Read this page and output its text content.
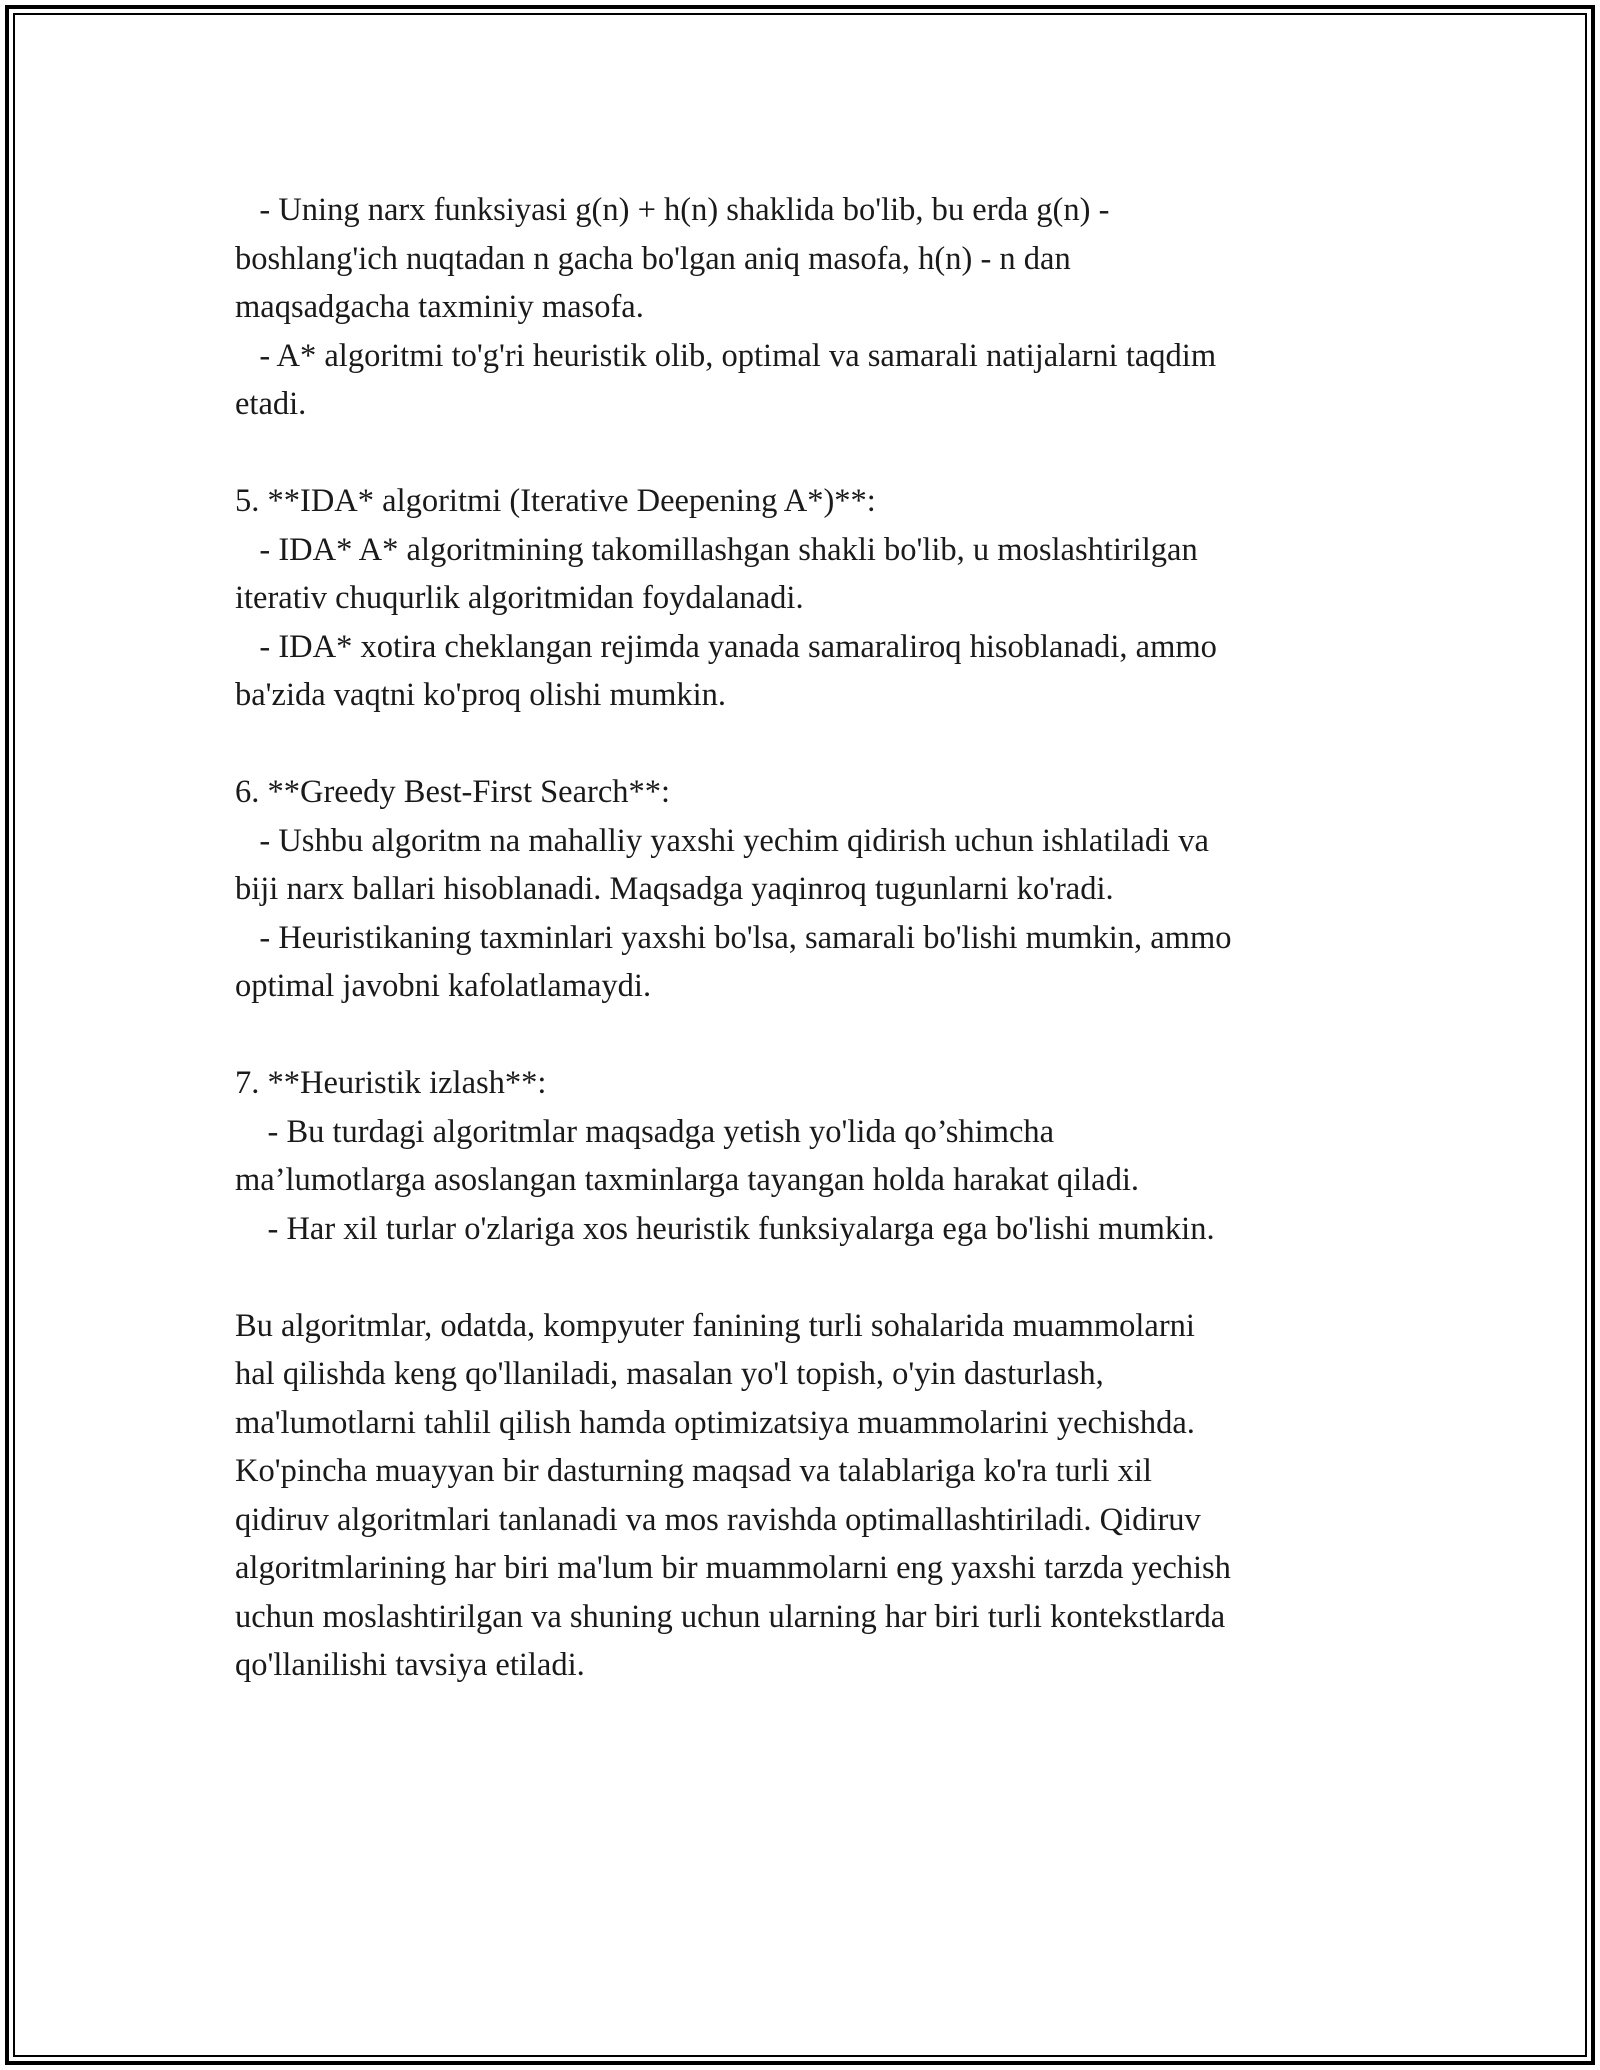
- Uning narx funksiyasi g(n) + h(n) shaklida bo'lib, bu erda g(n) -
boshlang'ich nuqtadan n gacha bo'lgan aniq masofa, h(n) - n dan
maqsadgacha taxminiy masofa.
- A* algoritmi to'g'ri heuristik olib, optimal va samarali natijalarni taqdim
etadi.
5. **IDA* algoritmi (Iterative Deepening A*)**:
- IDA* A* algoritmining takomillashgan shakli bo'lib, u moslashtirilgan
iterativ chuqurlik algoritmidan foydalanadi.
- IDA* xotira cheklangan rejimda yanada samaraliroq hisoblanadi, ammo
ba'zida vaqtni ko'proq olishi mumkin.
6. **Greedy Best-First Search**:
- Ushbu algoritm na mahalliy yaxshi yechim qidirish uchun ishlatiladi va
biji narx ballari hisoblanadi. Maqsadga yaqinroq tugunlarni ko'radi.
- Heuristikaning taxminlari yaxshi bo'lsa, samarali bo'lishi mumkin, ammo
optimal javobni kafolatlamaydi.
7. **Heuristik izlash**:
- Bu turdagi algoritmlar maqsadga yetish yo'lida qo’shimcha
ma’lumotlarga asoslangan taxminlarga tayangan holda harakat qiladi.
- Har xil turlar o'zlariga xos heuristik funksiyalarga ega bo'lishi mumkin.
Bu algoritmlar, odatda, kompyuter fanining turli sohalarida muammolarni
hal qilishda keng qo'llaniladi, masalan yo'l topish, o'yin dasturlash,
ma'lumotlarni tahlil qilish hamda optimizatsiya muammolarini yechishda.
Ko'pincha muayyan bir dasturning maqsad va talablariga ko'ra turli xil
qidiruv algoritmlari tanlanadi va mos ravishda optimallashtiriladi. Qidiruv
algoritmlarining har biri ma'lum bir muammolarni eng yaxshi tarzda yechish
uchun moslashtirilgan va shuning uchun ularning har biri turli kontekstlarda
qo'llanilishi tavsiya etiladi.
